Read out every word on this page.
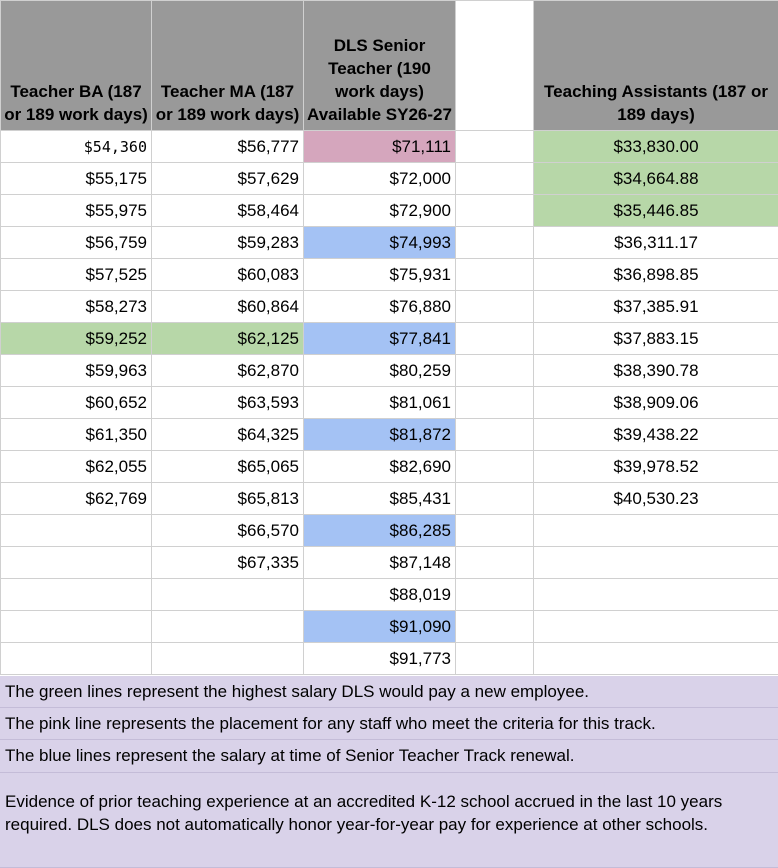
Teacher BA (187 or 189 work days)	Teacher MA (187 or 189 work days)	DLS Senior Teacher (190 work days) Available SY26-27		Teaching Assistants (187 or 189 days)
$54,360	$56,777	$71,111		$33,830.00
$55,175	$57,629	$72,000		$34,664.88
$55,975	$58,464	$72,900		$35,446.85
$56,759	$59,283	$74,993		$36,311.17
$57,525	$60,083	$75,931		$36,898.85
$58,273	$60,864	$76,880		$37,385.91
$59,252	$62,125	$77,841		$37,883.15
$59,963	$62,870	$80,259		$38,390.78
$60,652	$63,593	$81,061		$38,909.06
$61,350	$64,325	$81,872		$39,438.22
$62,055	$65,065	$82,690		$39,978.52
$62,769	$65,813	$85,431		$40,530.23
	$66,570	$86,285		
	$67,335	$87,148		
		$88,019		
		$91,090		
		$91,773		
The green lines represent the highest salary DLS would pay a new employee.
The pink line represents the placement for any staff who meet the criteria for this track.
The blue lines represent the salary at time of Senior Teacher Track renewal.
Evidence of prior teaching experience at an accredited K-12 school accrued in the last 10 years required. DLS does not automatically honor year-for-year pay for experience at other schools.
